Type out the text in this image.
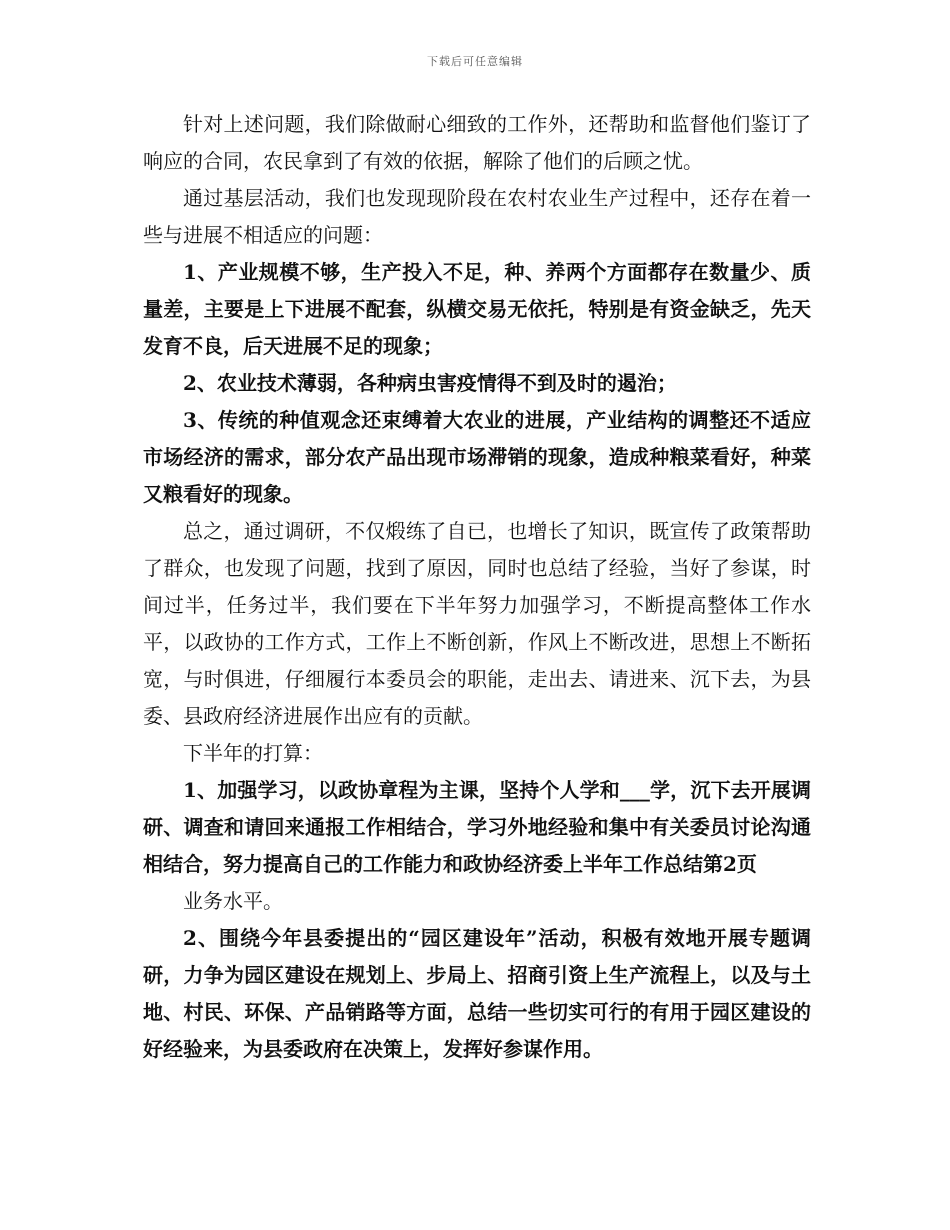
下载后可任意编辑

针对上述问题，我们除做耐心细致的工作外，还帮助和监督他们鉴订了响应的合同，农民拿到了有效的依据，解除了他们的后顾之忧。

通过基层活动，我们也发现现阶段在农村农业生产过程中，还存在着一些与进展不相适应的问题：

1、产业规模不够，生产投入不足，种、养两个方面都存在数量少、质量差，主要是上下进展不配套，纵横交易无依托，特别是有资金缺乏，先天发育不良，后天进展不足的现象；

2、农业技术薄弱，各种病虫害疫情得不到及时的遏治；

3、传统的种值观念还束缚着大农业的进展，产业结构的调整还不适应市场经济的需求，部分农产品出现市场滞销的现象，造成种粮菜看好，种菜又粮看好的现象。

总之，通过调研，不仅煅练了自已，也增长了知识，既宣传了政策帮助了群众，也发现了问题，找到了原因，同时也总结了经验，当好了参谋，时间过半，任务过半，我们要在下半年努力加强学习，不断提高整体工作水平，以政协的工作方式，工作上不断创新，作风上不断改进，思想上不断拓宽，与时俱进，仔细履行本委员会的职能，走出去、请进来、沉下去，为县委、县政府经济进展作出应有的贡献。

下半年的打算：

1、加强学习，以政协章程为主课，坚持个人学和___学，沉下去开展调研、调查和请回来通报工作相结合，学习外地经验和集中有关委员讨论沟通相结合，努力提高自己的工作能力和政协经济委上半年工作总结第2页

业务水平。

2、围绕今年县委提出的“园区建设年”活动，积极有效地开展专题调研，力争为园区建设在规划上、步局上、招商引资上生产流程上，以及与土地、村民、环保、产品销路等方面，总结一些切实可行的有用于园区建设的好经验来，为县委政府在决策上，发挥好参谋作用。
